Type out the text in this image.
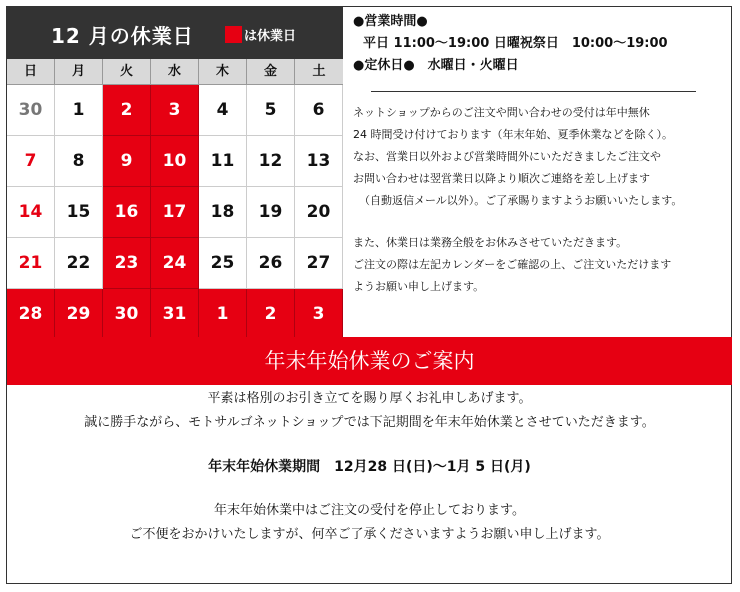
12 月の休業日	は休業日
日	月	火	水	木	金	土
30	1	2	3	4	5	6
7	8	9	10	11	12	13
14	15	16	17	18	19	20
21	22	23	24	25	26	27
28	29	30	31	1	2	3
●営業時間●
平日 11:00～19:00 日曜祝祭日　10:00～19:00
●定休日●　水曜日・火曜日
ネットショップからのご注文や問い合わせの受付は年中無休
24 時間受け付けております（年末年始、夏季休業などを除く）。
なお、営業日以外および営業時間外にいただきましたご注文や
お問い合わせは翌営業日以降より順次ご連絡を差し上げます
（自動返信メール以外）。ご了承賜りますようお願いいたします。
また、休業日は業務全般をお休みさせていただきます。
ご注文の際は左記カレンダーをご確認の上、ご注文いただけます
ようお願い申し上げます。
年末年始休業のご案内
平素は格別のお引き立てを賜り厚くお礼申しあげます。
誠に勝手ながら、モトサルゴネットショップでは下記期間を年末年始休業とさせていただきます。
年末年始休業期間　12月28 日(日)～1月 5 日(月)
年末年始休業中はご注文の受付を停止しております。
ご不便をおかけいたしますが、何卒ご了承くださいますようお願い申し上げます。
